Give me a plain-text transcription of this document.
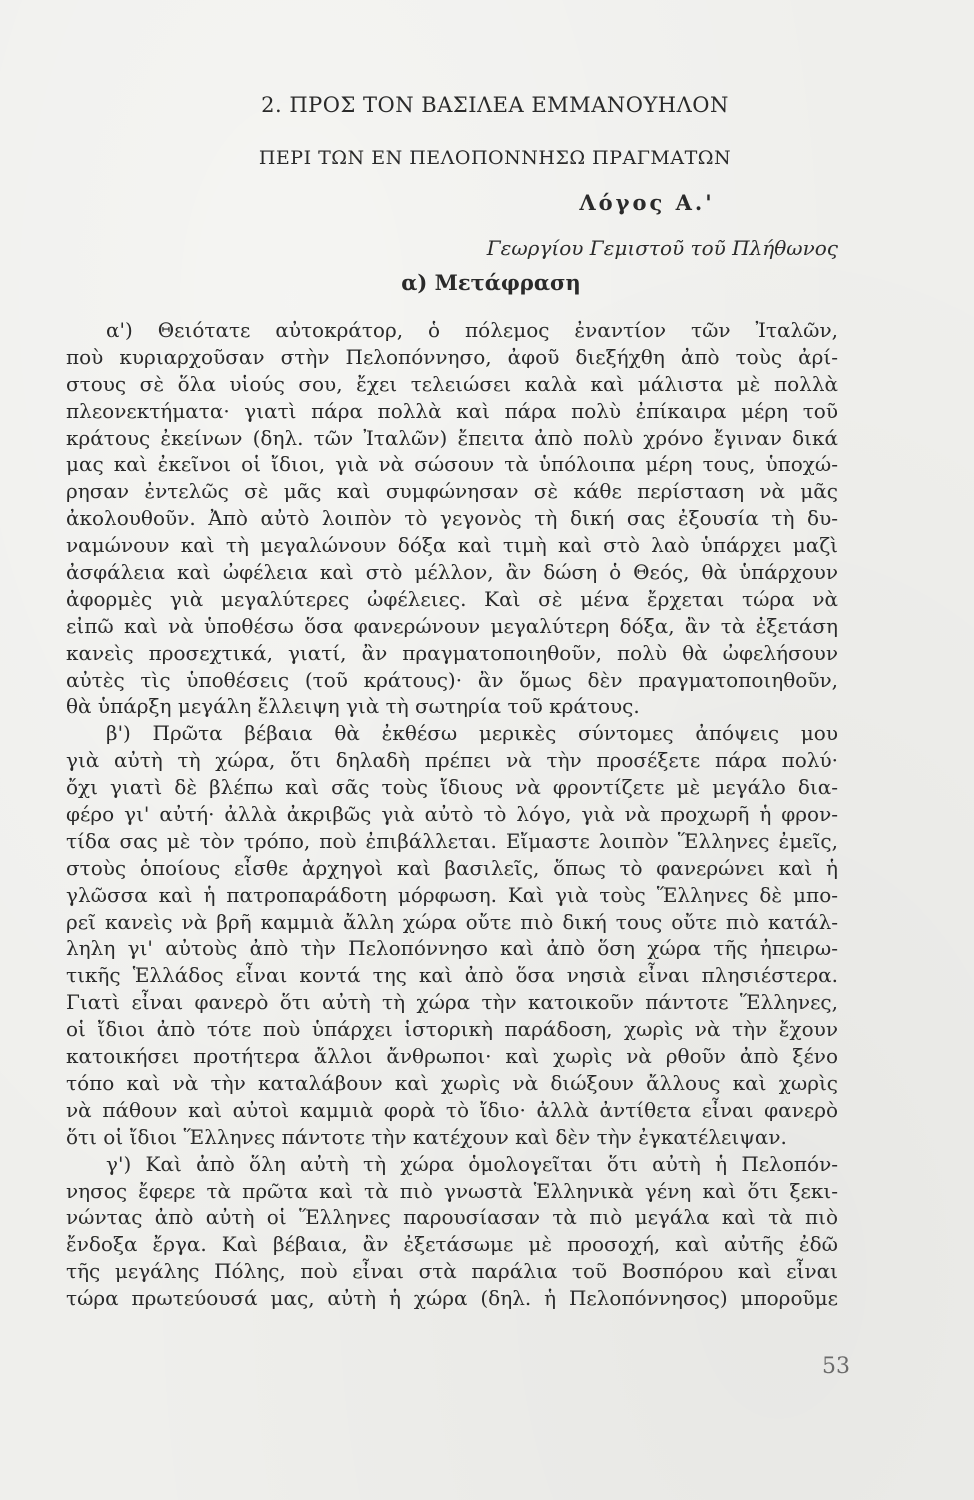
2. ΠΡΟΣ ΤΟΝ ΒΑΣΙΛΕΑ ΕΜΜΑΝΟΥΗΛΟΝ
ΠΕΡΙ ΤΩΝ ΕΝ ΠΕΛΟΠΟΝΝΗΣΩ ΠΡΑΓΜΑΤΩΝ
Λόγος Α.'
Γεωργίου Γεμιστοῦ τοῦ Πλήθωνος
α) Μετάφραση
α') Θειότατε αὐτοκράτορ, ὁ πόλεμος ἐναντίον τῶν Ἰταλῶν,
ποὺ κυριαρχοῦσαν στὴν Πελοπόννησο, ἀφοῦ διεξήχθη ἀπὸ τοὺς ἀρί-
στους σὲ ὅλα υἱούς σου, ἔχει τελειώσει καλὰ καὶ μάλιστα μὲ πολλὰ
πλεονεκτήματα· γιατὶ πάρα πολλὰ καὶ πάρα πολὺ ἐπίκαιρα μέρη τοῦ
κράτους ἐκείνων (δηλ. τῶν Ἰταλῶν) ἔπειτα ἀπὸ πολὺ χρόνο ἔγιναν δικά
μας καὶ ἐκεῖνοι οἱ ἴδιοι, γιὰ νὰ σώσουν τὰ ὑπόλοιπα μέρη τους, ὑποχώ-
ρησαν ἐντελῶς σὲ μᾶς καὶ συμφώνησαν σὲ κάθε περίσταση νὰ μᾶς
ἀκολουθοῦν. Ἀπὸ αὐτὸ λοιπὸν τὸ γεγονὸς τὴ δική σας ἐξουσία τὴ δυ-
ναμώνουν καὶ τὴ μεγαλώνουν δόξα καὶ τιμὴ καὶ στὸ λαὸ ὑπάρχει μαζὶ
ἀσφάλεια καὶ ὠφέλεια καὶ στὸ μέλλον, ἂν δώση ὁ Θεός, θὰ ὑπάρχουν
ἀφορμὲς γιὰ μεγαλύτερες ὠφέλειες. Καὶ σὲ μένα ἔρχεται τώρα νὰ
εἰπῶ καὶ νὰ ὑποθέσω ὅσα φανερώνουν μεγαλύτερη δόξα, ἂν τὰ ἐξετάση
κανεὶς προσεχτικά, γιατί, ἂν πραγματοποιηθοῦν, πολὺ θὰ ὠφελήσουν
αὐτὲς τὶς ὑποθέσεις (τοῦ κράτους)· ἂν ὅμως δὲν πραγματοποιηθοῦν,
θὰ ὑπάρξη μεγάλη ἔλλειψη γιὰ τὴ σωτηρία τοῦ κράτους.
β') Πρῶτα βέβαια θὰ ἐκθέσω μερικὲς σύντομες ἀπόψεις μου
γιὰ αὐτὴ τὴ χώρα, ὅτι δηλαδὴ πρέπει νὰ τὴν προσέξετε πάρα πολύ·
ὄχι γιατὶ δὲ βλέπω καὶ σᾶς τοὺς ἴδιους νὰ φροντίζετε μὲ μεγάλο δια-
φέρο γι' αὐτή· ἀλλὰ ἀκριβῶς γιὰ αὐτὸ τὸ λόγο, γιὰ νὰ προχωρῆ ἡ φρον-
τίδα σας μὲ τὸν τρόπο, ποὺ ἐπιβάλλεται. Εἴμαστε λοιπὸν Ἕλληνες ἐμεῖς,
στοὺς ὁποίους εἶσθε ἀρχηγοὶ καὶ βασιλεῖς, ὅπως τὸ φανερώνει καὶ ἡ
γλῶσσα καὶ ἡ πατροπαράδοτη μόρφωση. Καὶ γιὰ τοὺς Ἕλληνες δὲ μπο-
ρεῖ κανεὶς νὰ βρῆ καμμιὰ ἄλλη χώρα οὔτε πιὸ δική τους οὔτε πιὸ κατάλ-
ληλη γι' αὐτοὺς ἀπὸ τὴν Πελοπόννησο καὶ ἀπὸ ὅση χώρα τῆς ἠπειρω-
τικῆς Ἑλλάδος εἶναι κοντά της καὶ ἀπὸ ὅσα νησιὰ εἶναι πλησιέστερα.
Γιατὶ εἶναι φανερὸ ὅτι αὐτὴ τὴ χώρα τὴν κατοικοῦν πάντοτε Ἕλληνες,
οἱ ἴδιοι ἀπὸ τότε ποὺ ὑπάρχει ἱστορικὴ παράδοση, χωρὶς νὰ τὴν ἔχουν
κατοικήσει προτήτερα ἄλλοι ἄνθρωποι· καὶ χωρὶς νὰ ρθοῦν ἀπὸ ξένο
τόπο καὶ νὰ τὴν καταλάβουν καὶ χωρὶς νὰ διώξουν ἄλλους καὶ χωρὶς
νὰ πάθουν καὶ αὐτοὶ καμμιὰ φορὰ τὸ ἴδιο· ἀλλὰ ἀντίθετα εἶναι φανερὸ
ὅτι οἱ ἴδιοι Ἕλληνες πάντοτε τὴν κατέχουν καὶ δὲν τὴν ἐγκατέλειψαν.
γ') Καὶ ἀπὸ ὅλη αὐτὴ τὴ χώρα ὁμολογεῖται ὅτι αὐτὴ ἡ Πελοπόν-
νησος ἔφερε τὰ πρῶτα καὶ τὰ πιὸ γνωστὰ Ἑλληνικὰ γένη καὶ ὅτι ξεκι-
νώντας ἀπὸ αὐτὴ οἱ Ἕλληνες παρουσίασαν τὰ πιὸ μεγάλα καὶ τὰ πιὸ
ἔνδοξα ἔργα. Καὶ βέβαια, ἂν ἐξετάσωμε μὲ προσοχή, καὶ αὐτῆς ἐδῶ
τῆς μεγάλης Πόλης, ποὺ εἶναι στὰ παράλια τοῦ Βοσπόρου καὶ εἶναι
τώρα πρωτεύουσά μας, αὐτὴ ἡ χώρα (δηλ. ἡ Πελοπόννησος) μποροῦμε
53
